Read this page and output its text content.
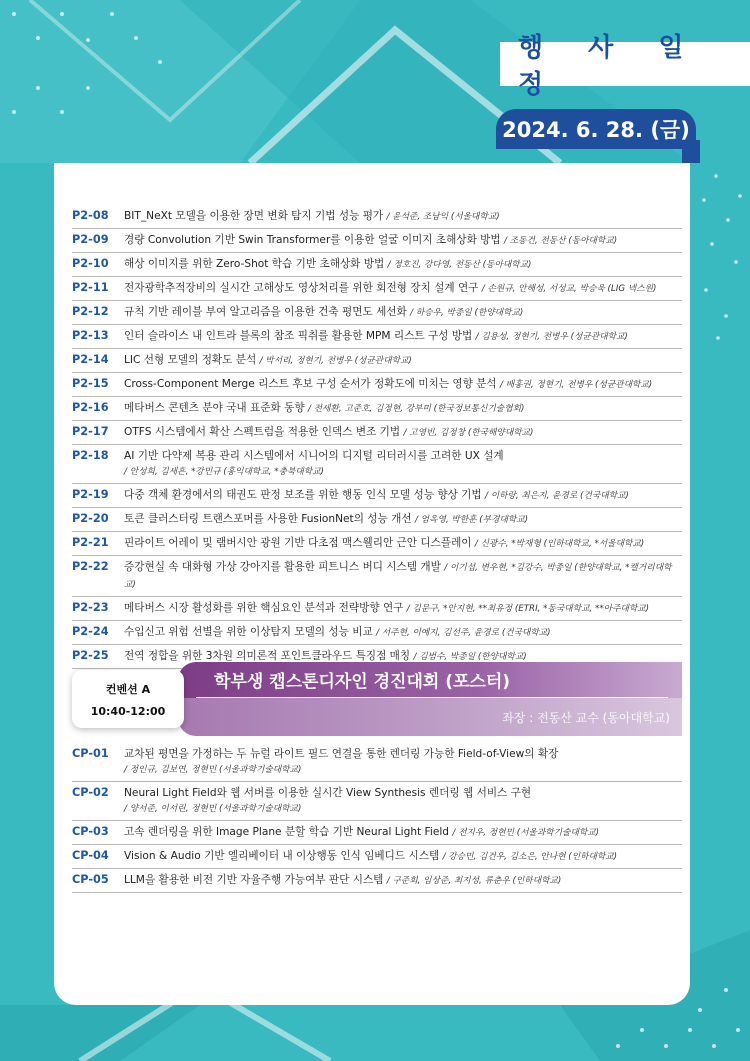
행 사 일 정
2024. 6. 28. (금)
P2-08	BIT_NeXt 모델을 이용한 장면 변화 탐지 기법 성능 평가 / 윤석준, 조남익 (서울대학교)
P2-09	경량 Convolution 기반 Swin Transformer를 이용한 얼굴 이미지 초해상화 방법 / 조동건, 전동산 (동아대학교)
P2-10	해상 이미지를 위한 Zero-Shot 학습 기반 초해상화 방법 / 정호진, 강다영, 전동산 (동아대학교)
P2-11	전자광학추적장비의 실시간 고해상도 영상처리를 위한 회전형 장치 설계 연구 / 손원규, 안해성, 서성교, 박승욱 (LIG 넥스원)
P2-12	규칙 기반 레이블 부여 알고리즘을 이용한 건축 평면도 세선화 / 하승우, 박종일 (한양대학교)
P2-13	인터 슬라이스 내 인트라 블록의 참조 픽취를 활용한 MPM 리스트 구성 방법 / 김용성, 정현기, 전병우 (성균관대학교)
P2-14	LIC 선형 모델의 정확도 분석 / 박서리, 정현기, 전병우 (성균관대학교)
P2-15	Cross-Component Merge 리스트 후보 구성 순서가 정확도에 미치는 영향 분석 / 배홍권, 정현기, 전병우 (성균관대학교)
P2-16	메타버스 콘텐츠 분야 국내 표준화 동향 / 전세환, 고준호, 김정현, 강부미 (한국정보통신기술협회)
P2-17	OTFS 시스템에서 확산 스펙트럼을 적용한 인덱스 변조 기법 / 고영빈, 김정창 (한국해양대학교)
P2-18	AI 기반 다약제 복용 관리 시스템에서 시니어의 디지털 리터러시를 고려한 UX 설계
/ 안성희, 김세흔, *강민규 (홍익대학교, *충북대학교)
P2-19	다중 객체 환경에서의 태권도 판정 보조를 위한 행동 인식 모델 성능 향상 기법 / 이하랑, 최은지, 윤경로 (건국대학교)
P2-20	토큰 클러스터링 트랜스포머를 사용한 FusionNet의 성능 개선 / 엄옥영, 박한훈 (부경대학교)
P2-21	핀라이트 어레이 및 램버시안 광원 기반 다초점 맥스웰리안 근안 디스플레이 / 신광수, *박재형 (인하대학교, *서울대학교)
P2-22	증강현실 속 대화형 가상 강아지를 활용한 피트니스 버디 시스템 개발 / 이기섭, 변우현, *김강수, 박종일 (한양대학교, *캘거리대학교)
P2-23	메타버스 시장 활성화를 위한 핵심요인 분석과 전략방향 연구 / 김문구, *안지현, **최유정 (ETRI, *동국대학교, **아주대학교)
P2-24	수입신고 위험 선별을 위한 이상탐지 모델의 성능 비교 / 서주현, 이예지, 김선주, 윤경로 (건국대학교)
P2-25	전역 정합을 위한 3차원 의미론적 포인트클라우드 특징점 매칭 / 김범수, 박종일 (한양대학교)
학부생 캡스톤디자인 경진대회 (포스터)
좌장 : 전동산 교수 (동아대학교)
컨벤션 A
10:40-12:00
CP-01	교차된 평면을 가정하는 두 뉴럴 라이트 필드 연결을 통한 렌더링 가능한 Field-of-View의 확장
/ 정인규, 김보연, 정현민 (서울과학기술대학교)
CP-02	Neural Light Field와 웹 서버를 이용한 실시간 View Synthesis 렌더링 웹 서비스 구현
/ 양서준, 이서린, 정현민 (서울과학기술대학교)
CP-03	고속 렌더링을 위한 Image Plane 분할 학습 기반 Neural Light Field / 전지우, 정현민 (서울과학기술대학교)
CP-04	Vision & Audio 기반 엘리베이터 내 이상행동 인식 임베디드 시스템 / 강승민, 김건우, 김소은, 안나현 (인하대학교)
CP-05	LLM을 활용한 비전 기반 자율주행 가능여부 판단 시스템 / 구준회, 임상준, 최지성, 류춘우 (인하대학교)
